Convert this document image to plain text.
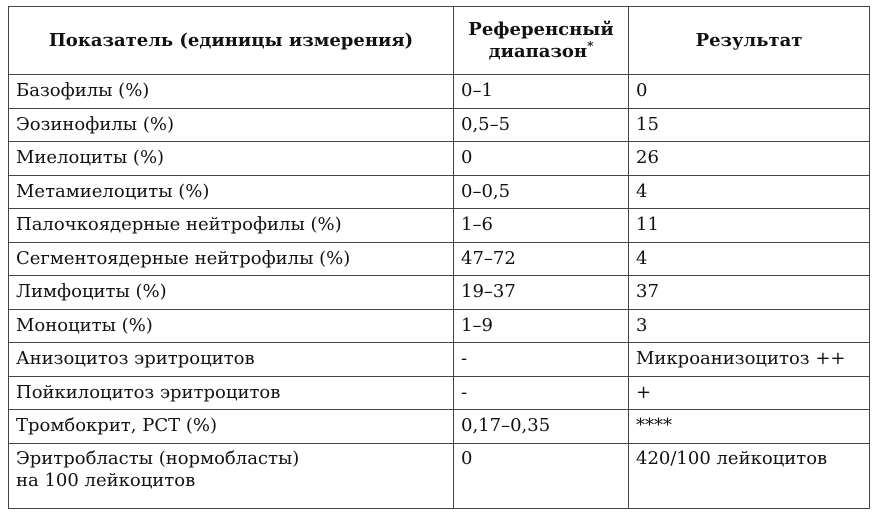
Показатель (единицы измерения)	Референсный диапазон*	Результат
Базофилы (%)	0–1	0
Эозинофилы (%)	0,5–5	15
Миелоциты (%)	0	26
Метамиелоциты (%)	0–0,5	4
Палочкоядерные нейтрофилы (%)	1–6	11
Сегментоядерные нейтрофилы (%)	47–72	4
Лимфоциты (%)	19–37	37
Моноциты (%)	1–9	3
Анизоцитоз эритроцитов	-	Микроанизоцитоз ++
Пойкилоцитоз эритроцитов	-	+
Тромбокрит, PCT (%)	0,17–0,35	****

Эритробласты (нормобласты)
на 100 лейкоцитов	0	420/100 лейкоцитов
